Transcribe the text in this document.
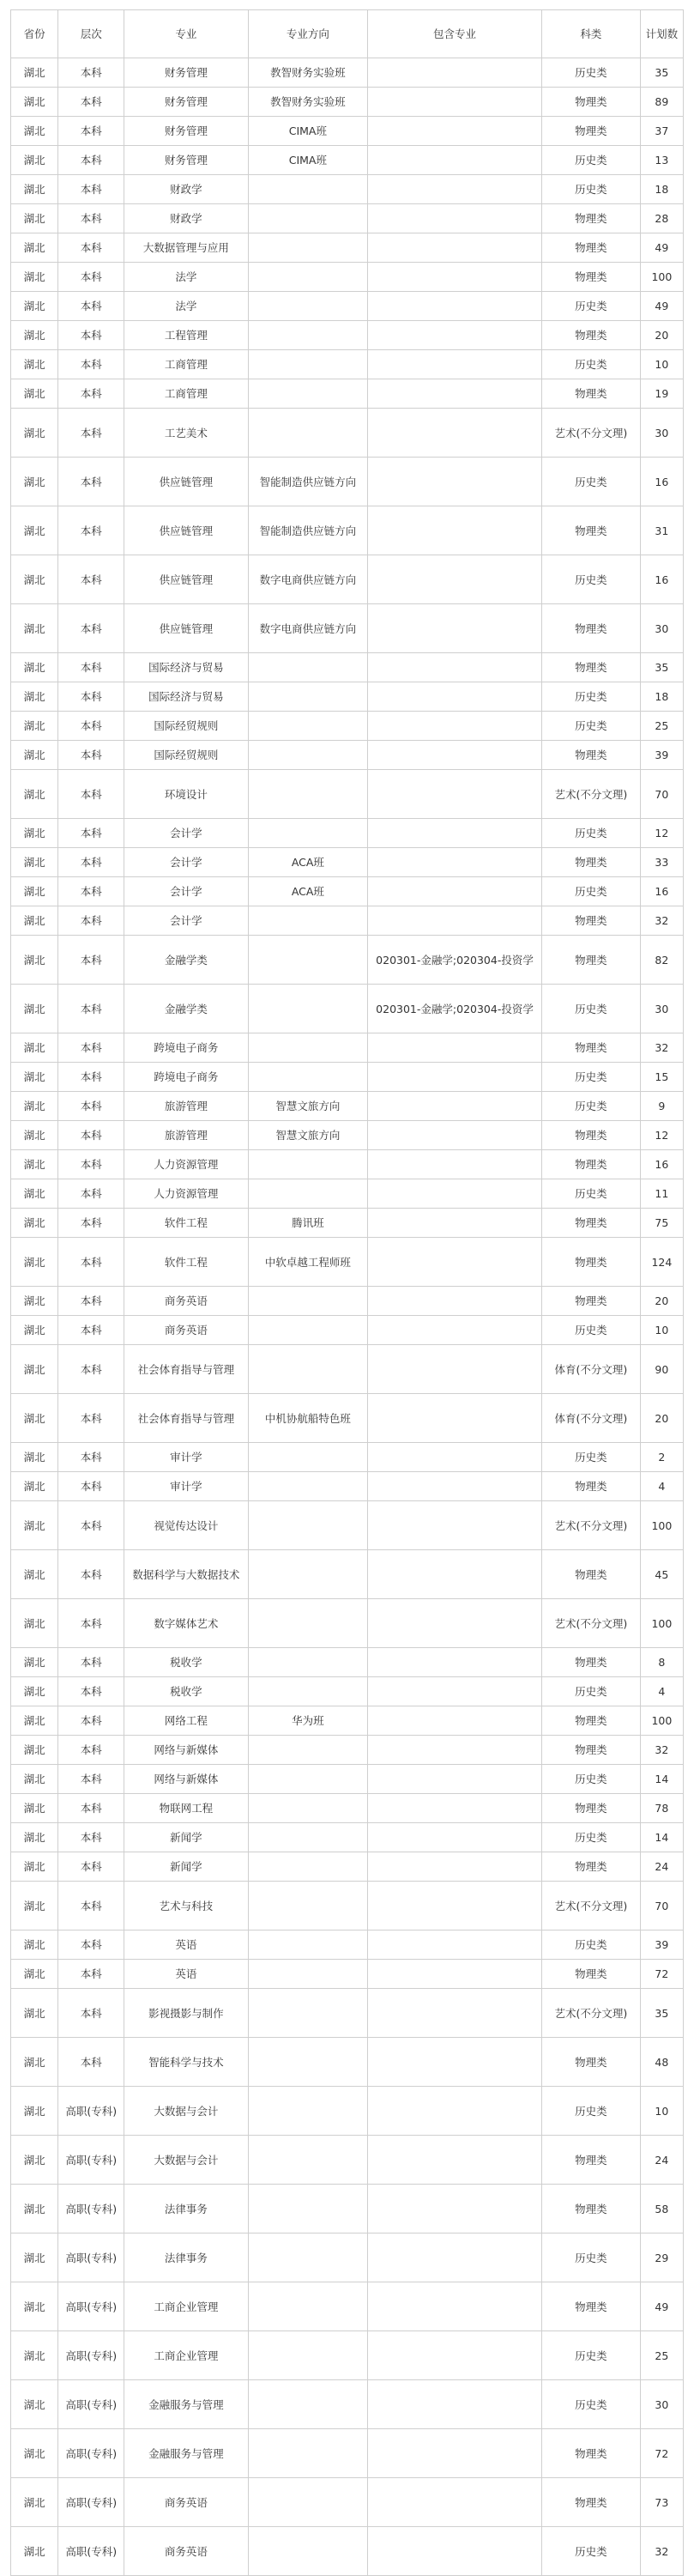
省份	层次	专业	专业方向	包含专业	科类	计划数
湖北	本科	财务管理	教智财务实验班		历史类	35
湖北	本科	财务管理	教智财务实验班		物理类	89
湖北	本科	财务管理	CIMA班		物理类	37
湖北	本科	财务管理	CIMA班		历史类	13
湖北	本科	财政学			历史类	18
湖北	本科	财政学			物理类	28
湖北	本科	大数据管理与应用			物理类	49
湖北	本科	法学			物理类	100
湖北	本科	法学			历史类	49
湖北	本科	工程管理			物理类	20
湖北	本科	工商管理			历史类	10
湖北	本科	工商管理			物理类	19
湖北	本科	工艺美术			艺术(不分文理)	30
湖北	本科	供应链管理	智能制造供应链方向		历史类	16
湖北	本科	供应链管理	智能制造供应链方向		物理类	31
湖北	本科	供应链管理	数字电商供应链方向		历史类	16
湖北	本科	供应链管理	数字电商供应链方向		物理类	30
湖北	本科	国际经济与贸易			物理类	35
湖北	本科	国际经济与贸易			历史类	18
湖北	本科	国际经贸规则			历史类	25
湖北	本科	国际经贸规则			物理类	39
湖北	本科	环境设计			艺术(不分文理)	70
湖北	本科	会计学			历史类	12
湖北	本科	会计学	ACA班		物理类	33
湖北	本科	会计学	ACA班		历史类	16
湖北	本科	会计学			物理类	32
湖北	本科	金融学类		020301-金融学;020304-投资学	物理类	82
湖北	本科	金融学类		020301-金融学;020304-投资学	历史类	30
湖北	本科	跨境电子商务			物理类	32
湖北	本科	跨境电子商务			历史类	15
湖北	本科	旅游管理	智慧文旅方向		历史类	9
湖北	本科	旅游管理	智慧文旅方向		物理类	12
湖北	本科	人力资源管理			物理类	16
湖北	本科	人力资源管理			历史类	11
湖北	本科	软件工程	腾讯班		物理类	75
湖北	本科	软件工程	中软卓越工程师班		物理类	124
湖北	本科	商务英语			物理类	20
湖北	本科	商务英语			历史类	10
湖北	本科	社会体育指导与管理			体育(不分文理)	90
湖北	本科	社会体育指导与管理	中机协航船特色班		体育(不分文理)	20
湖北	本科	审计学			历史类	2
湖北	本科	审计学			物理类	4
湖北	本科	视觉传达设计			艺术(不分文理)	100
湖北	本科	数据科学与大数据技术			物理类	45
湖北	本科	数字媒体艺术			艺术(不分文理)	100
湖北	本科	税收学			物理类	8
湖北	本科	税收学			历史类	4
湖北	本科	网络工程	华为班		物理类	100
湖北	本科	网络与新媒体			物理类	32
湖北	本科	网络与新媒体			历史类	14
湖北	本科	物联网工程			物理类	78
湖北	本科	新闻学			历史类	14
湖北	本科	新闻学			物理类	24
湖北	本科	艺术与科技			艺术(不分文理)	70
湖北	本科	英语			历史类	39
湖北	本科	英语			物理类	72
湖北	本科	影视摄影与制作			艺术(不分文理)	35
湖北	本科	智能科学与技术			物理类	48
湖北	高职(专科)	大数据与会计			历史类	10
湖北	高职(专科)	大数据与会计			物理类	24
湖北	高职(专科)	法律事务			物理类	58
湖北	高职(专科)	法律事务			历史类	29
湖北	高职(专科)	工商企业管理			物理类	49
湖北	高职(专科)	工商企业管理			历史类	25
湖北	高职(专科)	金融服务与管理			历史类	30
湖北	高职(专科)	金融服务与管理			物理类	72
湖北	高职(专科)	商务英语			物理类	73
湖北	高职(专科)	商务英语			历史类	32
